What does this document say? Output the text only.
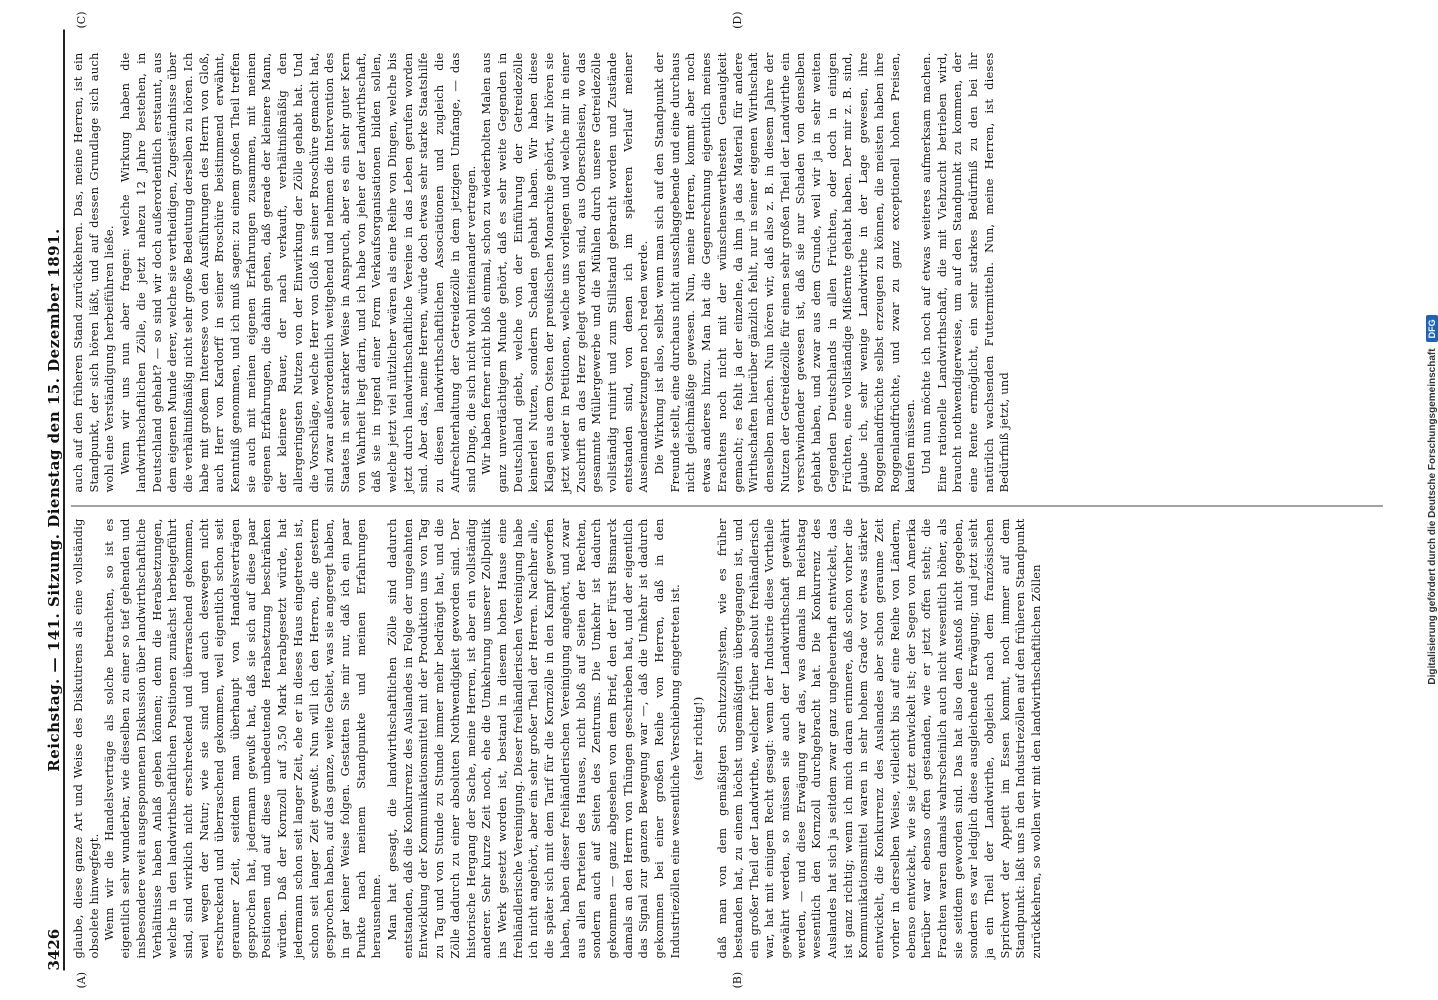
3426
Reichstag. — 141. Sitzung. Dienstag den 15. Dezember 1891.
(A)	(B)
(C)	(D)

glaube, diese ganze Art und Weise des Diskutirens als eine vollständig obsolete hinwegfegt. Wenn wir die Handelsverträge als solche betrachten, so ist es eigentlich sehr wunderbar, wie dieselben zu einer so tief gehenden und insbesondere weit ausgesponnenen Diskussion über landwirthschaftliche Verhältnisse haben Anlaß geben können; denn die Herabsetzungen, welche in den landwirthschaftlichen Positionen zunächst herbeigeführt sind, sind wirklich nicht erschreckend und überraschend gekommen, weil wegen der Natur; wie sie sind und auch deswegen nicht erschreckend und überraschend gekommen, weil eigentlich schon seit geraumer Zeit, seitdem man überhaupt von Handelsverträgen gesprochen hat, jedermann gewußt hat, daß sie sich auf diese paar Positionen und auf diese unbedeutende Herabsetzung beschränken würden. Daß der Kornzoll auf 3,50 Mark herabgesetzt würde, hat jedermann schon seit langer Zeit, ehe er in dieses Haus eingetreten ist, schon seit langer Zeit gewußt. Nun will ich den Herren, die gestern gesprochen haben, auf das ganze, weite Gebiet, was sie angeregt haben, in gar keiner Weise folgen. Gestatten Sie mir nur, daß ich ein paar Punkte nach meinem Standpunkte und meinen Erfahrungen herausnehme. Man hat gesagt, die landwirthschaftlichen Zölle sind dadurch entstanden, daß die Konkurrenz des Auslandes in Folge der ungeahnten Entwicklung der Kommunikationsmittel mit der Produktion uns von Tag zu Tag und von Stunde zu Stunde immer mehr bedrängt hat, und die Zölle dadurch zu einer absoluten Nothwendigkeit geworden sind. Der historische Hergang der Sache, meine Herren, ist aber ein vollständig anderer. Sehr kurze Zeit noch, ehe die Umkehrung unserer Zollpolitik ins Werk gesetzt worden ist, bestand in diesem hohen Hause eine freihändlerische Vereinigung. Dieser freihändlerischen Vereinigung habe ich nicht angehört, aber ein sehr großer Theil der Herren. Nachher alle, die später sich mit dem Tarif für die Kornzölle in den Kampf geworfen haben, haben dieser freihändlerischen Vereinigung angehört, und zwar aus allen Parteien des Hauses, nicht bloß auf Seiten der Rechten, sondern auch auf Seiten des Zentrums. Die Umkehr ist dadurch gekommen — ganz abgesehen von dem Brief, den der Fürst Bismarck damals an den Herrn von Thüngen geschrieben hat, und der eigentlich das Signal zur ganzen Bewegung war —, daß die Umkehr ist dadurch gekommen bei einer großen Reihe von Herren, daß in den Industriezöllen eine wesentliche Verschiebung eingetreten ist. (sehr richtig!) daß man von dem gemäßigten Schutzzollsystem, wie es früher bestanden hat, zu einem höchst ungemäßigten übergegangen ist, und ein großer Theil der Landwirthe, welcher früher absolut freihändlerisch war, hat mit einigem Recht gesagt: wenn der Industrie diese Vortheile gewährt werden, so müssen sie auch der Landwirthschaft gewährt werden, — und diese Erwägung war das, was damals im Reichstag wesentlich den Kornzoll durchgebracht hat. Die Konkurrenz des Auslandes hat sich ja seitdem zwar ganz ungeheuerhaft entwickelt, das ist ganz richtig; wenn ich mich daran erinnere, daß schon vorher die Kommunikationsmittel waren in sehr hohem Grade vor etwas stärker entwickelt, die Konkurrenz des Auslandes aber schon geraume Zeit vorher in derselben Weise, vielleicht bis auf eine Reihe von Ländern, ebenso entwickelt, wie sie jetzt entwickelt ist; der Segen von Amerika herüber war ebenso offen gestanden, wie er jetzt offen steht; die Frachten waren damals wahrscheinlich auch nicht wesentlich höher, als sie seitdem geworden sind. Das hat also den Anstoß nicht gegeben, sondern es war lediglich diese ausgleichende Erwägung; und jetzt sieht ja ein Theil der Landwirthe, obgleich nach dem französischen Sprichwort der Appetit im Essen kommt, noch immer auf dem Standpunkt: laßt uns in den Industriezöllen auf den früheren Standpunkt zurückkehren, so wollen wir mit den landwirthschaftlichen Zöllen

auch auf den früheren Stand zurückkehren. Das, meine Herren, ist ein Standpunkt, der sich hören läßt, und auf dessen Grundlage sich auch wohl eine Verständigung herbeiführen ließe. Wenn wir uns nun aber fragen: welche Wirkung haben die landwirthschaftlichen Zölle, die jetzt nahezu 12 Jahre bestehen, in Deutschland gehabt? — so sind wir doch außerordentlich erstaunt, aus dem eigenen Munde derer, welche sie vertheidigen, Zugeständnisse über die verhältnißmäßig nicht sehr große Bedeutung derselben zu hören. Ich habe mit großem Interesse von den Ausführungen des Herrn von Gloß, auch Herr von Kardorff in seiner Broschüre beistimmend erwähnt, Kenntniß genommen, und ich muß sagen: zu einem großen Theil treffen sie auch mit meinen eigenen Erfahrungen zusammen, mit meinen eigenen Erfahrungen, die dahin gehen, daß gerade der kleinere Mann, der kleinere Bauer, der nach verkauft, verhältnißmäßig den allergeringsten Nutzen von der Einwirkung der Zölle gehabt hat. Und die Vorschläge, welche Herr von Gloß in seiner Broschüre gemacht hat, sind zwar außerordentlich weitgehend und nehmen die Intervention des Staates in sehr starker Weise in Anspruch, aber es ein sehr guter Kern von Wahrheit liegt darin, und ich habe von jeher der Landwirthschaft, daß sie in irgend einer Form Verkaufsorganisationen bilden sollen, welche jetzt viel nützlicher wären als eine Reihe von Dingen, welche bis jetzt durch landwirthschaftliche Vereine in das Leben gerufen worden sind. Aber das, meine Herren, würde doch etwas sehr starke Staatshilfe zu diesen landwirthschaftlichen Associationen und zugleich die Aufrechterhaltung der Getreidezölle in dem jetzigen Umfange, — das sind Dinge, die sich nicht wohl miteinander vertragen. Wir haben ferner nicht bloß einmal, schon zu wiederholten Malen aus ganz unverdächtigem Munde gehört, daß es sehr weite Gegenden in Deutschland giebt, welche von der Einführung der Getreidezölle keinerlei Nutzen, sondern Schaden gehabt haben. Wir haben diese Klagen aus dem Osten der preußischen Monarchie gehört, wir hören sie jetzt wieder in Petitionen, welche uns vorliegen und welche mir in einer Zuschrift an das Herz gelegt worden sind, aus Oberschlesien, wo das gesammte Müllergewerbe und die Mühlen durch unsere Getreidezölle vollständig ruinirt und zum Stillstand gebracht worden und Zustände entstanden sind, von denen ich im späteren Verlauf meiner Auseinandersetzungen noch reden werde. Die Wirkung ist also, selbst wenn man sich auf den Standpunkt der Freunde stellt, eine durchaus nicht ausschlaggebende und eine durchaus nicht gleichmäßige gewesen. Nun, meine Herren, kommt aber noch etwas anderes hinzu. Man hat die Gegenrechnung eigentlich meines Erachtens noch nicht mit der wünschenswerthesten Genauigkeit gemacht; es fehlt ja der einzelne, da ihm ja das Material für andere Wirthschaften hierüber gänzlich fehlt, nur in seiner eigenen Wirthschaft denselben machen. Nun hören wir, daß also z. B. in diesem Jahre der Nutzen der Getreidezölle für einen sehr großen Theil der Landwirthe ein verschwindender gewesen ist, daß sie nur Schaden von denselben gehabt haben, und zwar aus dem Grunde, weil wir ja in sehr weiten Gegenden Deutschlands in allen Früchten, oder doch in einigen Früchten, eine vollständige Mißernte gehabt haben. Der mir z. B. sind, glaube ich, sehr wenige Landwirthe in der Lage gewesen, ihre Roggenlandfrüchte selbst erzeugen zu können, die meisten haben ihre Roggenlandfrüchte, und zwar zu ganz exceptionell hohen Preisen, kaufen müssen. Und nun möchte ich noch auf etwas weiteres aufmerksam machen. Eine rationelle Landwirthschaft, die mit Viehzucht betrieben wird, braucht nothwendigerweise, um auf den Standpunkt zu kommen, der eine Rente ermöglicht, ein sehr starkes Bedürfniß zu den bei ihr natürlich wachsenden Futtermitteln. Nun, meine Herren, ist dieses Bedürfniß jetzt, und	Digitalisierung gefördert durch die Deutsche Forschungsgemeinschaft
DFG
